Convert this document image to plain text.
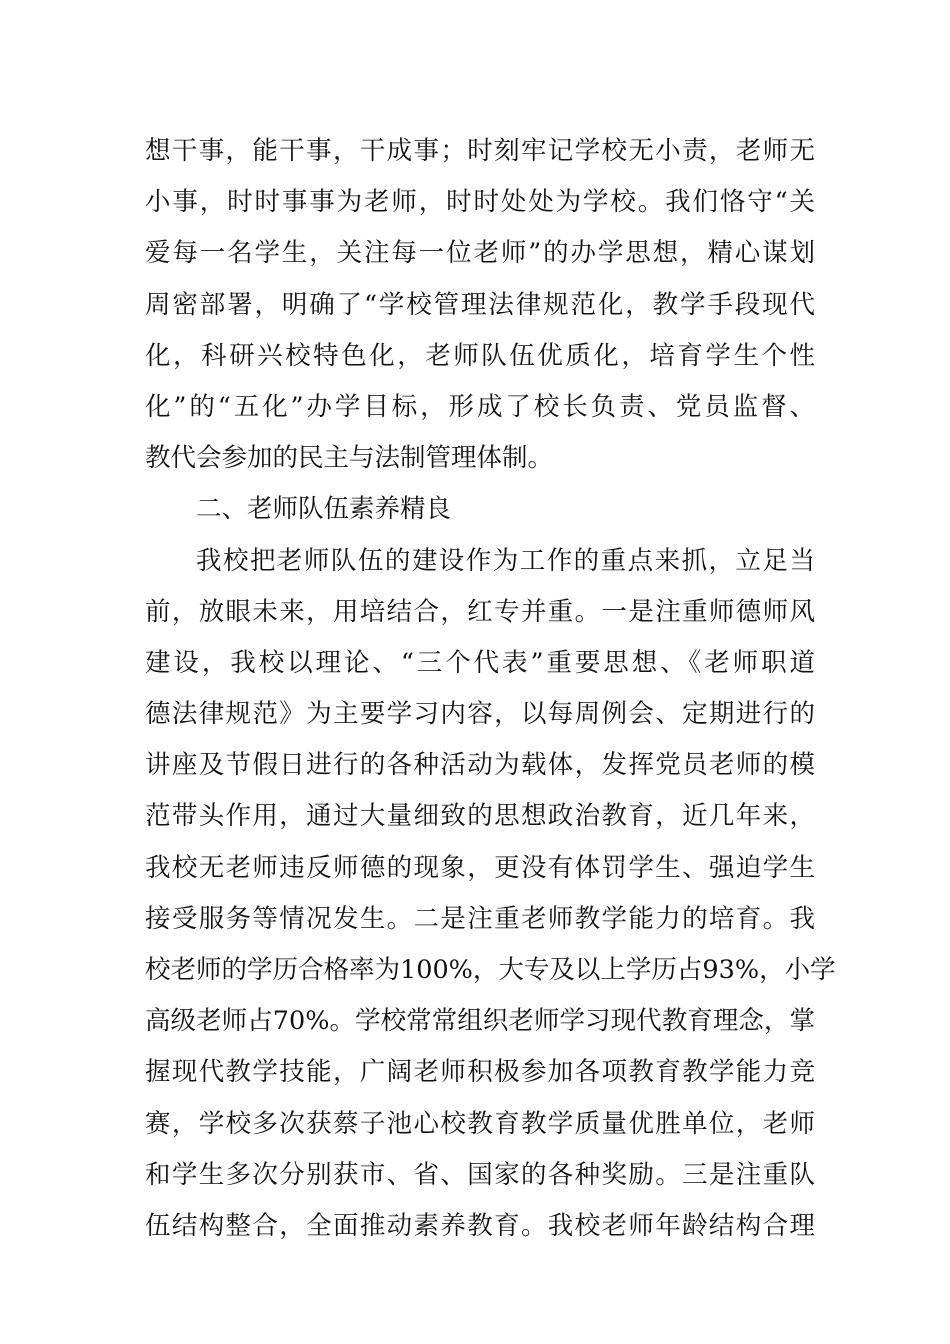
想干事，能干事，干成事；时刻牢记学校无小责，老师无
小事，时时事事为老师，时时处处为学校。我们恪守“关
爱每一名学生，关注每一位老师”的办学思想，精心谋划
周密部署，明确了“学校管理法律规范化，教学手段现代
化，科研兴校特色化，老师队伍优质化，培育学生个性
化”的“五化”办学目标，形成了校长负责、党员监督、
教代会参加的民主与法制管理体制。
二、老师队伍素养精良
我校把老师队伍的建设作为工作的重点来抓，立足当
前，放眼未来，用培结合，红专并重。一是注重师德师风
建设，我校以理论、“三个代表”重要思想、《老师职道
德法律规范》为主要学习内容，以每周例会、定期进行的
讲座及节假日进行的各种活动为载体，发挥党员老师的模
范带头作用，通过大量细致的思想政治教育，近几年来，
我校无老师违反师德的现象，更没有体罚学生、强迫学生
接受服务等情况发生。二是注重老师教学能力的培育。我
校老师的学历合格率为100%，大专及以上学历占93%，小学
高级老师占70%。学校常常组织老师学习现代教育理念，掌
握现代教学技能，广阔老师积极参加各项教育教学能力竞
赛，学校多次获蔡子池心校教育教学质量优胜单位，老师
和学生多次分别获市、省、国家的各种奖励。三是注重队
伍结构整合，全面推动素养教育。我校老师年龄结构合理
